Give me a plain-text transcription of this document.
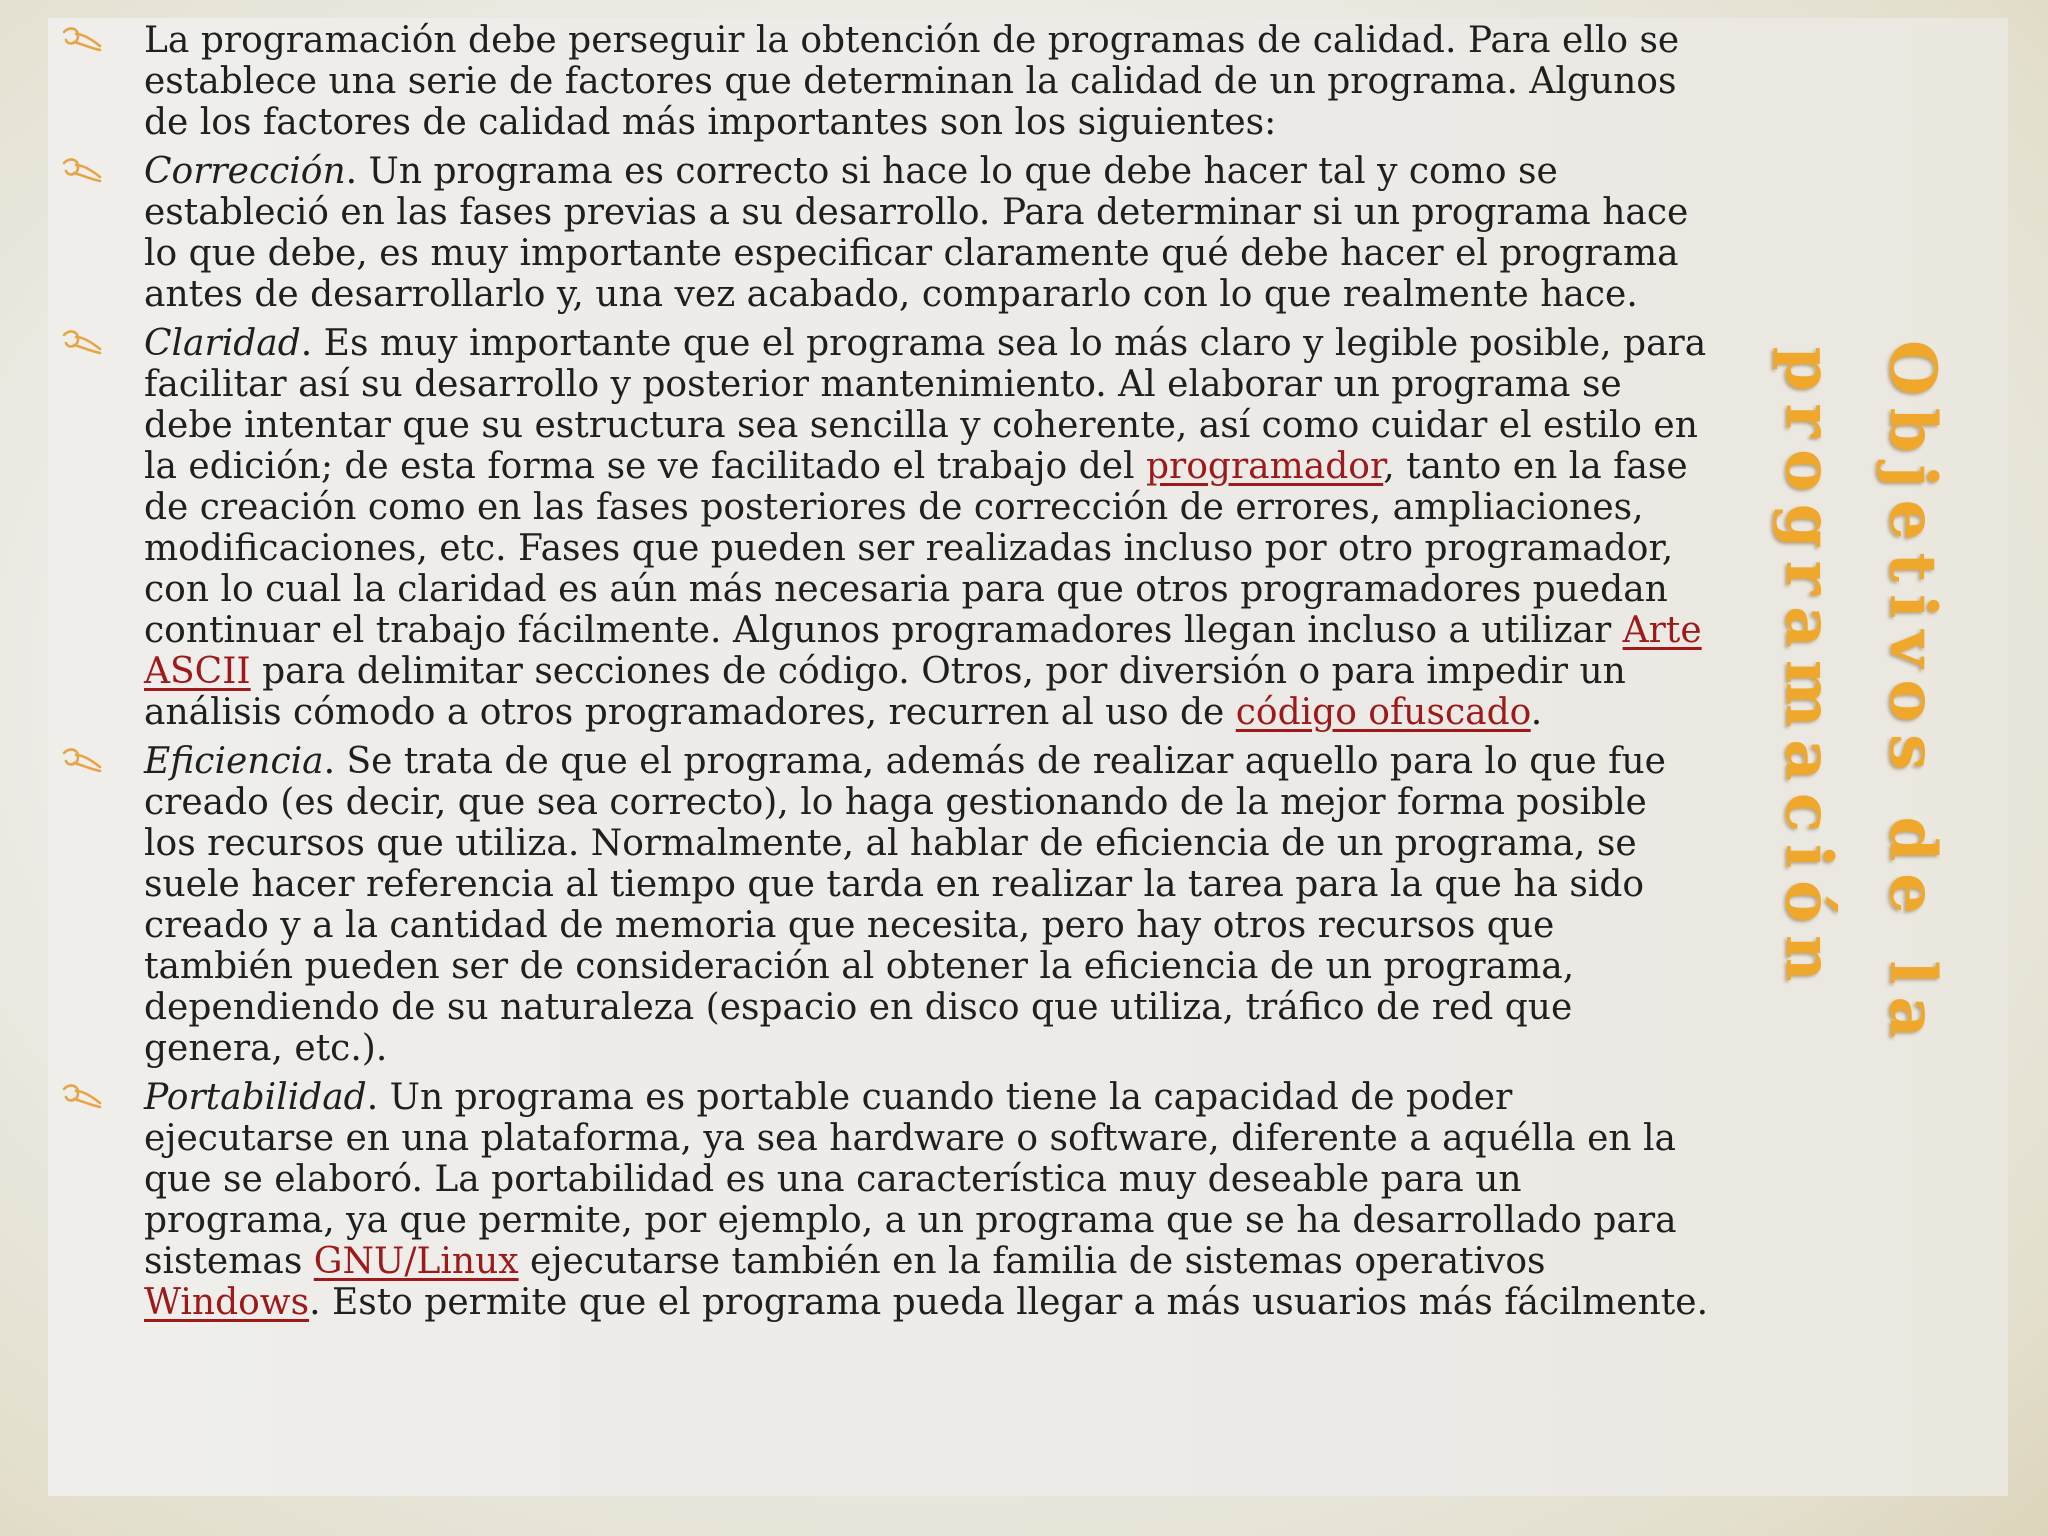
La programación debe perseguir la obtención de programas de calidad. Para ello se establece una serie de factores que determinan la calidad de un programa. Algunos de los factores de calidad más importantes son los siguientes:
Corrección. Un programa es correcto si hace lo que debe hacer tal y como se estableció en las fases previas a su desarrollo. Para determinar si un programa hace lo que debe, es muy importante especificar claramente qué debe hacer el programa antes de desarrollarlo y, una vez acabado, compararlo con lo que realmente hace.
Claridad. Es muy importante que el programa sea lo más claro y legible posible, para facilitar así su desarrollo y posterior mantenimiento. Al elaborar un programa se debe intentar que su estructura sea sencilla y coherente, así como cuidar el estilo en la edición; de esta forma se ve facilitado el trabajo del programador, tanto en la fase de creación como en las fases posteriores de corrección de errores, ampliaciones, modificaciones, etc. Fases que pueden ser realizadas incluso por otro programador, con lo cual la claridad es aún más necesaria para que otros programadores puedan continuar el trabajo fácilmente. Algunos programadores llegan incluso a utilizar Arte ASCII para delimitar secciones de código. Otros, por diversión o para impedir un análisis cómodo a otros programadores, recurren al uso de código ofuscado.
Eficiencia. Se trata de que el programa, además de realizar aquello para lo que fue creado (es decir, que sea correcto), lo haga gestionando de la mejor forma posible los recursos que utiliza. Normalmente, al hablar de eficiencia de un programa, se suele hacer referencia al tiempo que tarda en realizar la tarea para la que ha sido creado y a la cantidad de memoria que necesita, pero hay otros recursos que también pueden ser de consideración al obtener la eficiencia de un programa, dependiendo de su naturaleza (espacio en disco que utiliza, tráfico de red que genera, etc.).
Portabilidad. Un programa es portable cuando tiene la capacidad de poder ejecutarse en una plataforma, ya sea hardware o software, diferente a aquélla en la que se elaboró. La portabilidad es una característica muy deseable para un programa, ya que permite, por ejemplo, a un programa que se ha desarrollado para sistemas GNU/Linux ejecutarse también en la familia de sistemas operativos Windows. Esto permite que el programa pueda llegar a más usuarios más fácilmente.
Objetivos de la
programación
